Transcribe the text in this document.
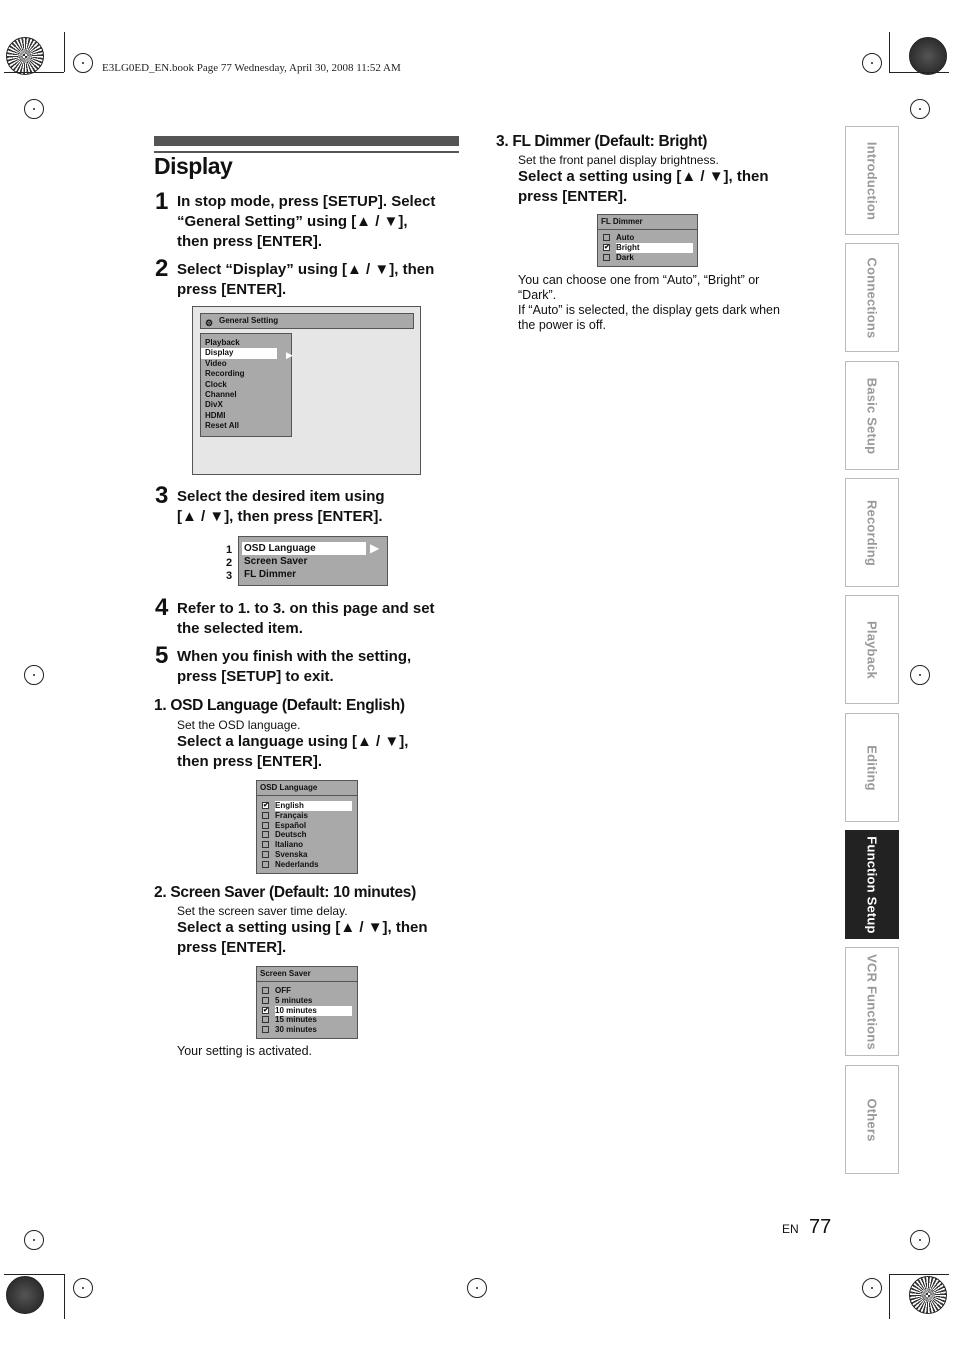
E3LG0ED_EN.book Page 77 Wednesday, April 30, 2008 11:52 AM
Display
1 In stop mode, press [SETUP]. Select
“General Setting” using [▲ / ▼],
then press [ENTER].
2 Select “Display” using [▲ / ▼], then
press [ENTER].
⚙ General Setting
Playback
Display
Video
Recording
Clock
Channel
DivX
HDMI
Reset All
▶
3 Select the desired item using
[▲ / ▼], then press [ENTER].
1
2
3
OSD Language
Screen Saver
FL Dimmer
▶
4 Refer to 1. to 3. on this page and set
the selected item.
5 When you finish with the setting,
press [SETUP] to exit.
1. OSD Language (Default: English)
Set the OSD language.
Select a language using [▲ / ▼],
then press [ENTER].
OSD Language
✔ English
Français
Español
Deutsch
Italiano
Svenska
Nederlands
2. Screen Saver (Default: 10 minutes)
Set the screen saver time delay.
Select a setting using [▲ / ▼], then
press [ENTER].
Screen Saver
OFF
5 minutes
✔ 10 minutes
15 minutes
30 minutes
Your setting is activated.
3. FL Dimmer (Default: Bright)
Set the front panel display brightness.
Select a setting using [▲ / ▼], then
press [ENTER].
FL Dimmer
Auto
✔ Bright
Dark
You can choose one from “Auto”, “Bright” or
“Dark”.
If “Auto” is selected, the display gets dark when
the power is off.
Introduction
Connections
Basic Setup
Recording
Playback
Editing
Function Setup
VCR Functions
Others
EN 77
